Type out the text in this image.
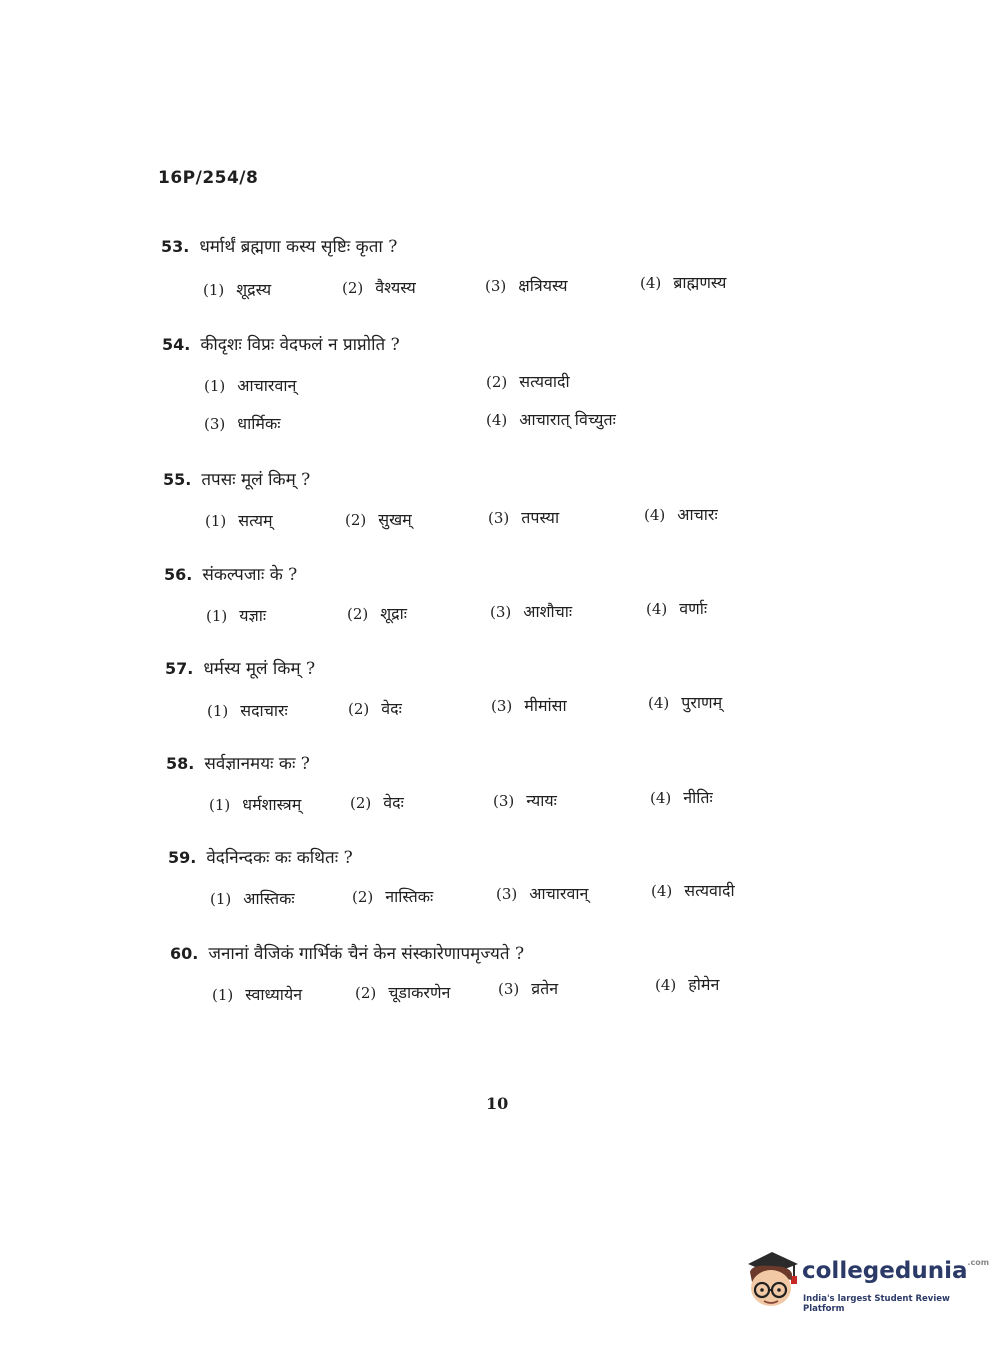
16P/254/8
53. धर्मार्थं ब्रह्मणा कस्य सृष्टिः कृता ?
(1) शूद्रस्य	(2) वैश्यस्य	(3) क्षत्रियस्य	(4) ब्राह्मणस्य
54. कीदृशः विप्रः वेदफलं न प्राप्नोति ?
(1) आचारवान्	(2) सत्यवादी
(3) धार्मिकः	(4) आचारात् विच्युतः
55. तपसः मूलं किम् ?
(1) सत्यम्	(2) सुखम्	(3) तपस्या	(4) आचारः
56. संकल्पजाः के ?
(1) यज्ञाः	(2) शूद्राः	(3) आशौचाः	(4) वर्णाः
57. धर्मस्य मूलं किम् ?
(1) सदाचारः	(2) वेदः	(3) मीमांसा	(4) पुराणम्
58. सर्वज्ञानमयः कः ?
(1) धर्मशास्त्रम्	(2) वेदः	(3) न्यायः	(4) नीतिः
59. वेदनिन्दकः कः कथितः ?
(1) आस्तिकः	(2) नास्तिकः	(3) आचारवान्	(4) सत्यवादी
60. जनानां वैजिकं गार्भिकं चैनं केन संस्कारेणापमृज्यते ?
(1) स्वाध्यायेन	(2) चूडाकरणेन	(3) व्रतेन	(4) होमेन
10
collegedunia$^{.com}$
India's largest Student Review Platform
